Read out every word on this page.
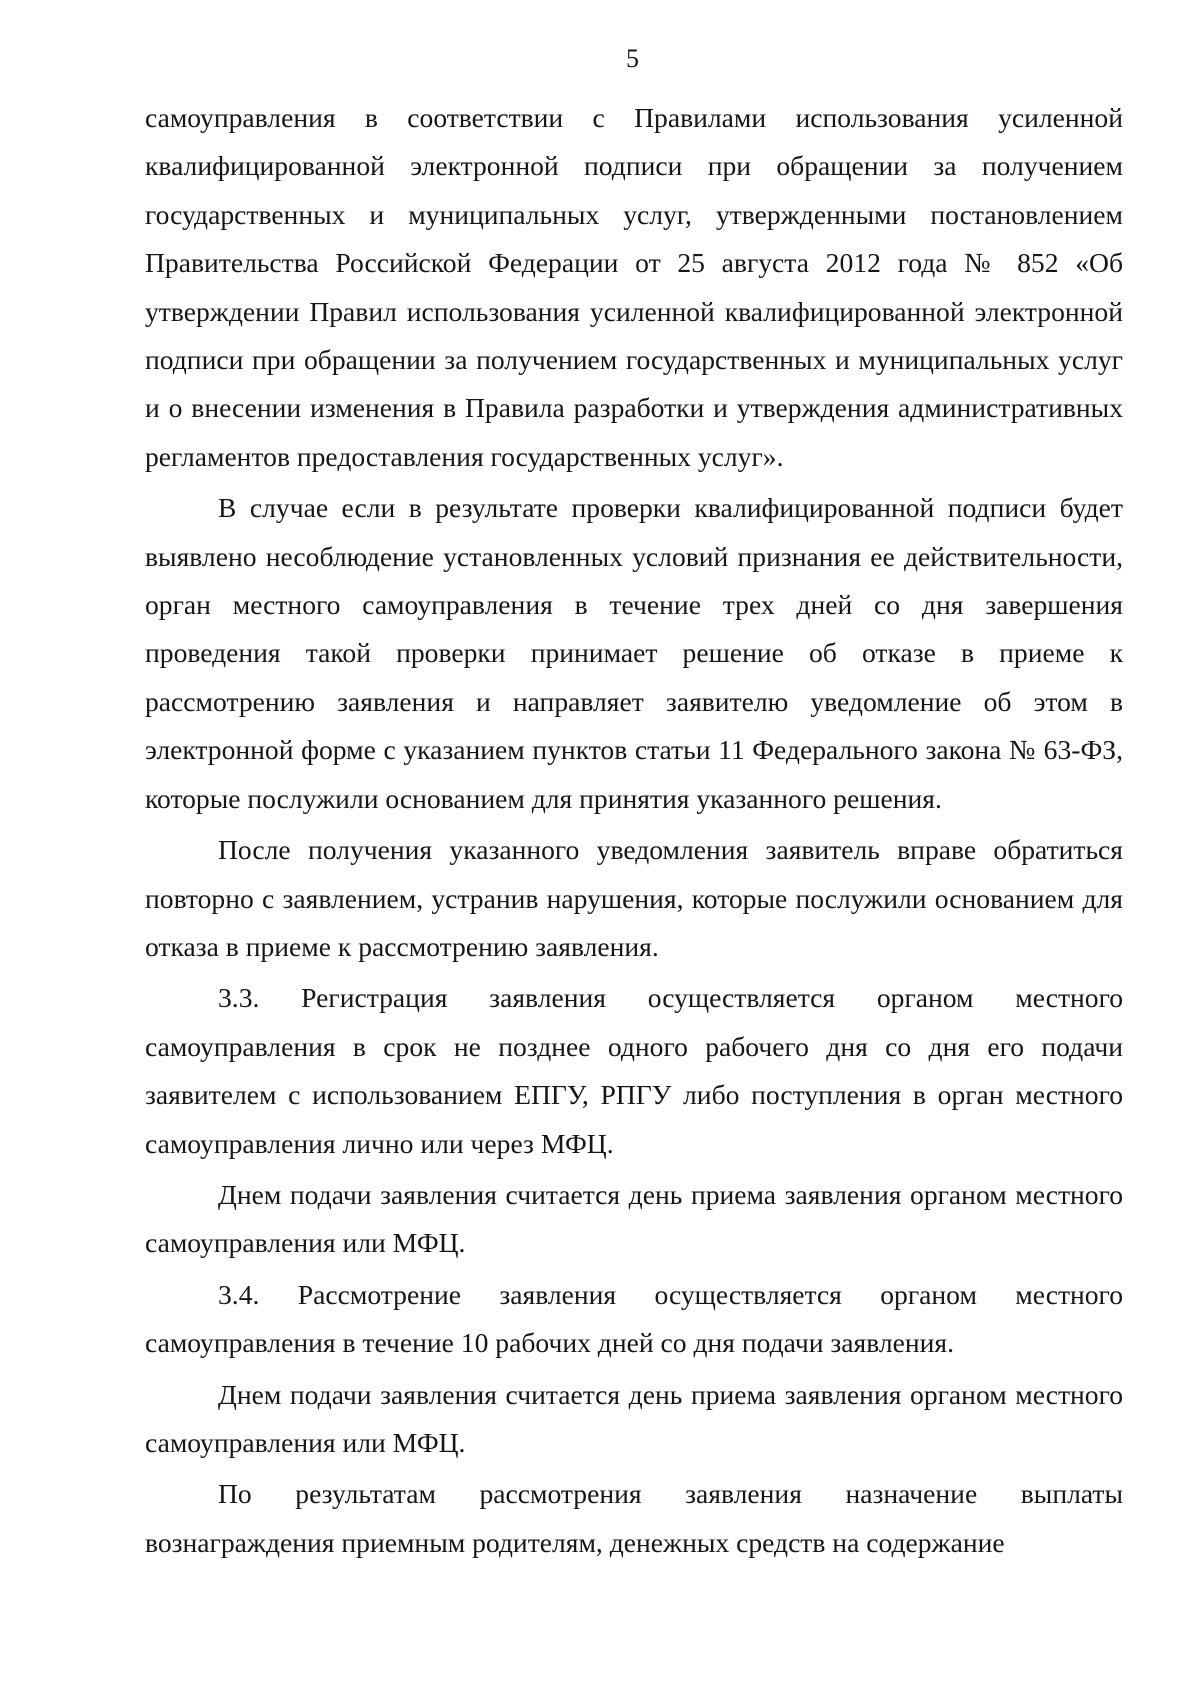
5

самоуправления в соответствии с Правилами использования усиленной квалифицированной электронной подписи при обращении за получением государственных и муниципальных услуг, утвержденными постановлением Правительства Российской Федерации от 25 августа 2012 года № 852 «Об утверждении Правил использования усиленной квалифицированной электронной подписи при обращении за получением государственных и муниципальных услуг и о внесении изменения в Правила разработки и утверждения административных регламентов предоставления государственных услуг».

В случае если в результате проверки квалифицированной подписи будет выявлено несоблюдение установленных условий признания ее действительности, орган местного самоуправления в течение трех дней со дня завершения проведения такой проверки принимает решение об отказе в приеме к рассмотрению заявления и направляет заявителю уведомление об этом в электронной форме с указанием пунктов статьи 11 Федерального закона № 63-ФЗ, которые послужили основанием для принятия указанного решения.

После получения указанного уведомления заявитель вправе обратиться повторно с заявлением, устранив нарушения, которые послужили основанием для отказа в приеме к рассмотрению заявления.

3.3. Регистрация заявления осуществляется органом местного самоуправления в срок не позднее одного рабочего дня со дня его подачи заявителем с использованием ЕПГУ, РПГУ либо поступления в орган местного самоуправления лично или через МФЦ.

Днем подачи заявления считается день приема заявления органом местного самоуправления или МФЦ.

3.4. Рассмотрение заявления осуществляется органом местного самоуправления в течение 10 рабочих дней со дня подачи заявления.

Днем подачи заявления считается день приема заявления органом местного самоуправления или МФЦ.

По результатам рассмотрения заявления назначение выплаты вознаграждения приемным родителям, денежных средств на содержание
